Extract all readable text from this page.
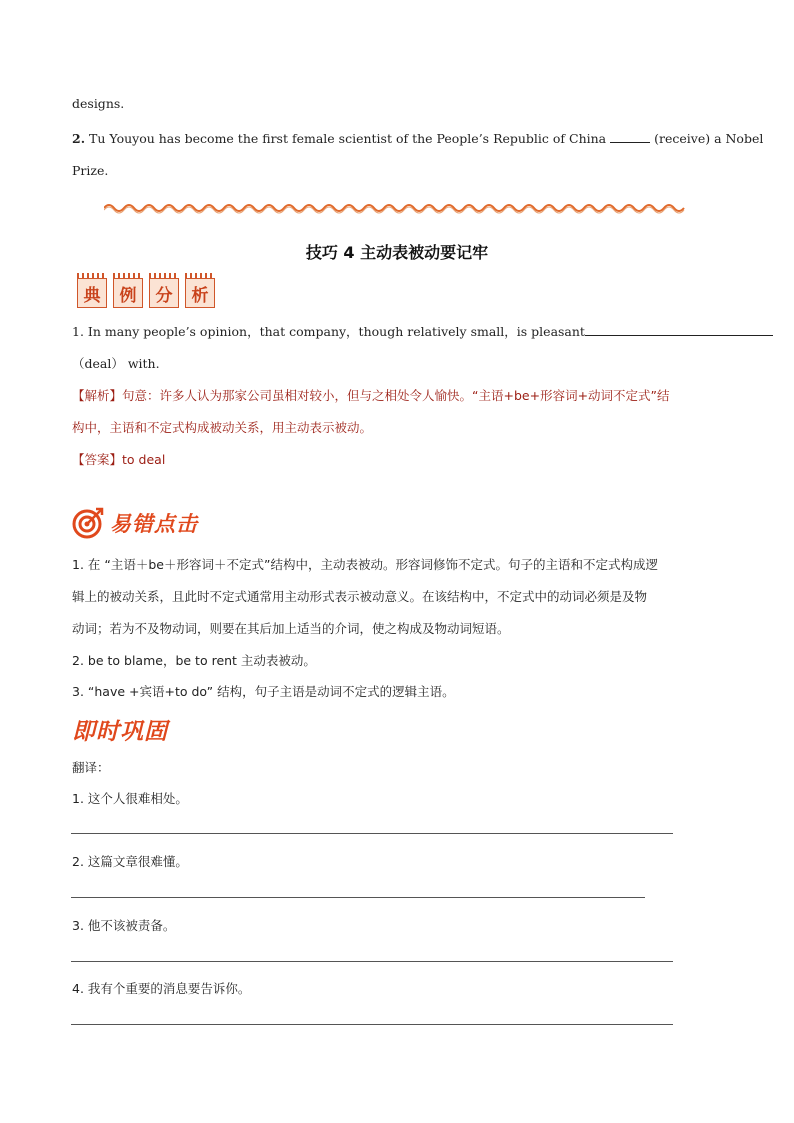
designs.
2. Tu Youyou has become the first female scientist of the People’s Republic of China	(receive) a Nobel
Prize.
技巧 4 主动表被动要记牢
典 例 分 析
1. In many people’s opinion，that company，though relatively small，is pleasant
（deal） with.
【解析】句意：许多人认为那家公司虽相对较小，但与之相处令人愉快。“主语+be+形容词+动词不定式”结
构中，主语和不定式构成被动关系，用主动表示被动。
【答案】to deal
易错点击
1. 在 “主语＋be＋形容词＋不定式”结构中，主动表被动。形容词修饰不定式。句子的主语和不定式构成逻
辑上的被动关系，且此时不定式通常用主动形式表示被动意义。在该结构中，不定式中的动词必须是及物
动词；若为不及物动词，则要在其后加上适当的介词，使之构成及物动词短语。
2. be to blame，be to rent 主动表被动。
3. “have +宾语+to do” 结构，句子主语是动词不定式的逻辑主语。
即时巩固
翻译：
1. 这个人很难相处。
2. 这篇文章很难懂。
3. 他不该被责备。
4. 我有个重要的消息要告诉你。
